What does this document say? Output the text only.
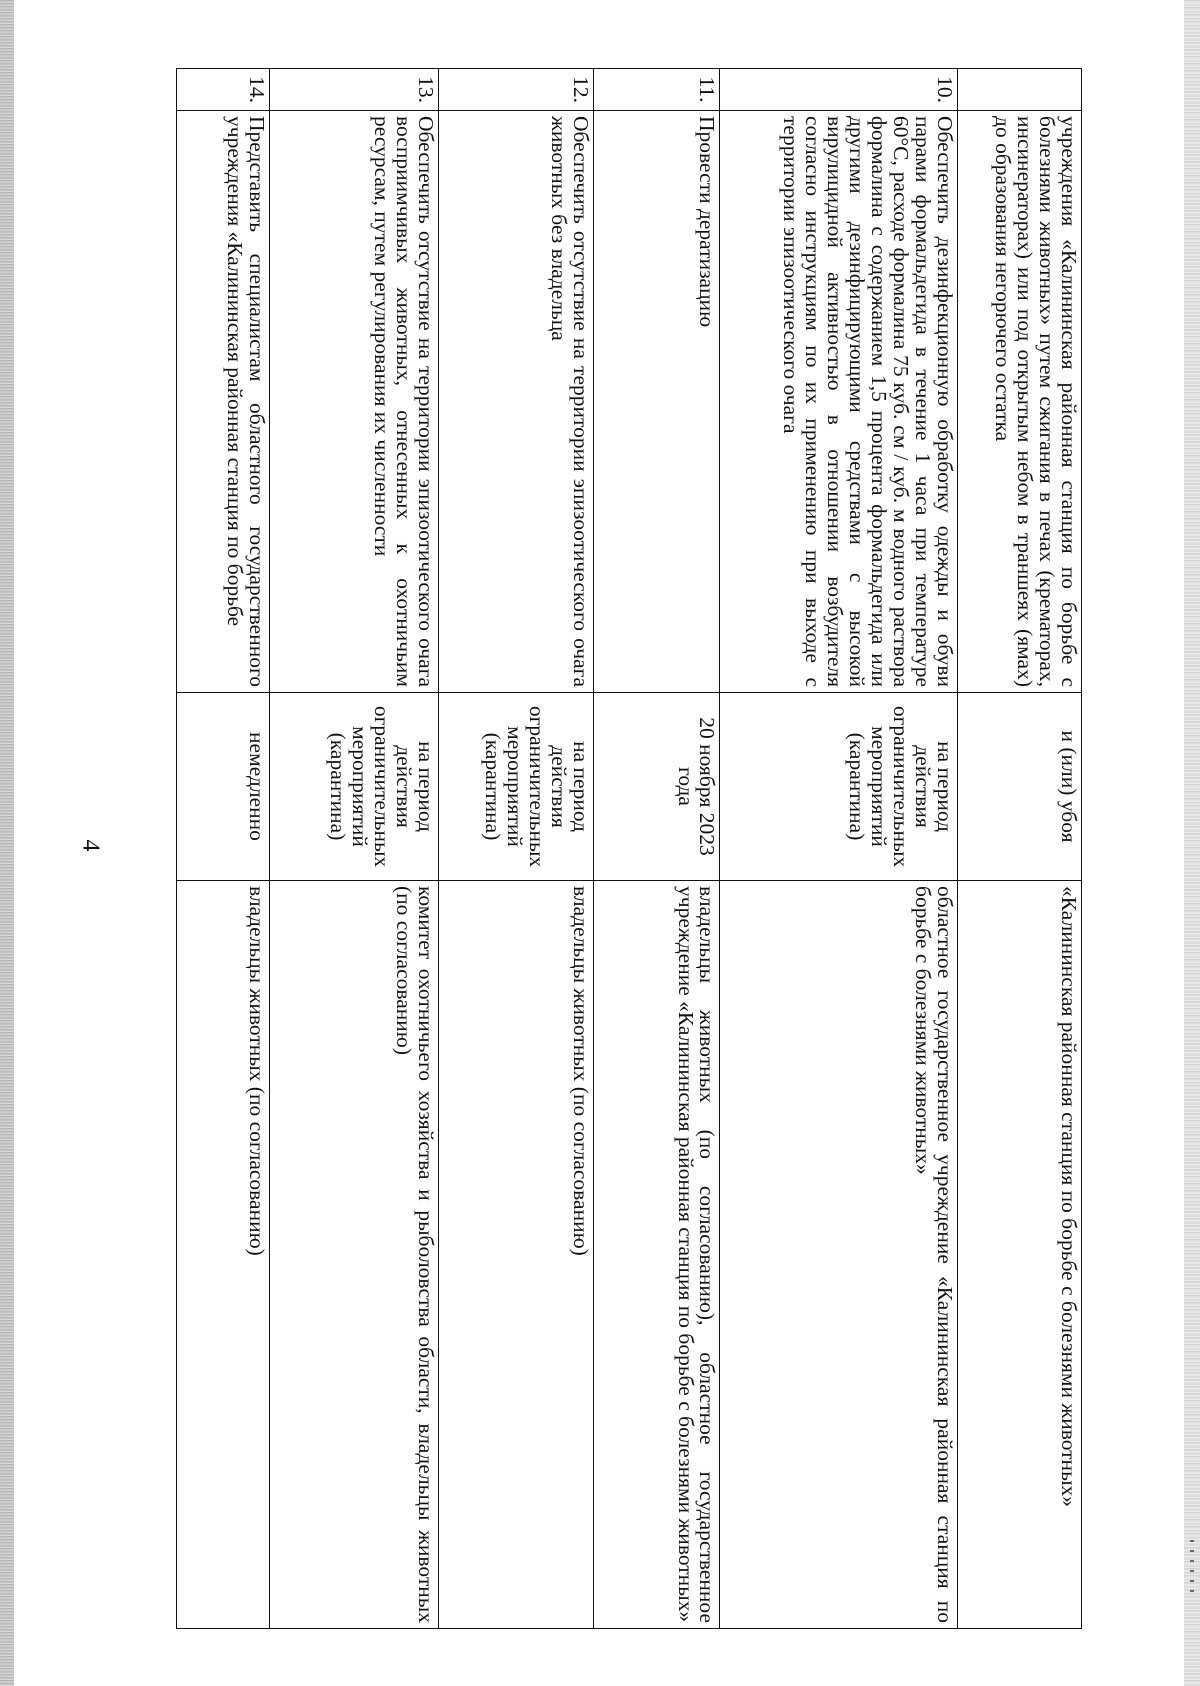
4
	учреждения «Калининская районная станция по борьбе с болезнями животных» путем сжигания в печах (крематорах, инсинераторах) или под открытым небом в траншеях (ямах) до образования негорючего остатка	и (или) убоя	«Калининская районная станция по борьбе с болезнями животных»
10.	Обеспечить дезинфекционную обработку одежды и обуви парами формальдегида в течение 1 часа при температуре 60°С, расходе формалина 75 куб. см / куб. м водного раствора формалина с содержанием 1,5 процента формальдегида или другими дезинфицирующими средствами с высокой вирулицидной активностью в отношении возбудителя согласно инструкциям по их применению при выходе с территории эпизоотического очага	на период действия ограничительных мероприятий (карантина)	областное государственное учреждение «Калининская районная станция по борьбе с болезнями животных»
11.	Провести дератизацию	20 ноября 2023 года	владельцы животных (по согласованию), областное государственное учреждение «Калининская районная станция по борьбе с болезнями животных»
12.	Обеспечить отсутствие на территории эпизоотического очага животных без владельца	на период действия ограничительных мероприятий (карантина)	владельцы животных (по согласованию)
13.	Обеспечить отсутствие на территории эпизоотического очага восприимчивых животных, отнесенных к охотничьим ресурсам, путем регулирования их численности	на период действия ограничительных мероприятий (карантина)	комитет охотничьего хозяйства и рыболовства области, владельцы животных (по согласованию)
14.	Представить специалистам областного государственного учреждения «Калининская районная станция по борьбе	немедленно	владельцы животных (по согласованию)
